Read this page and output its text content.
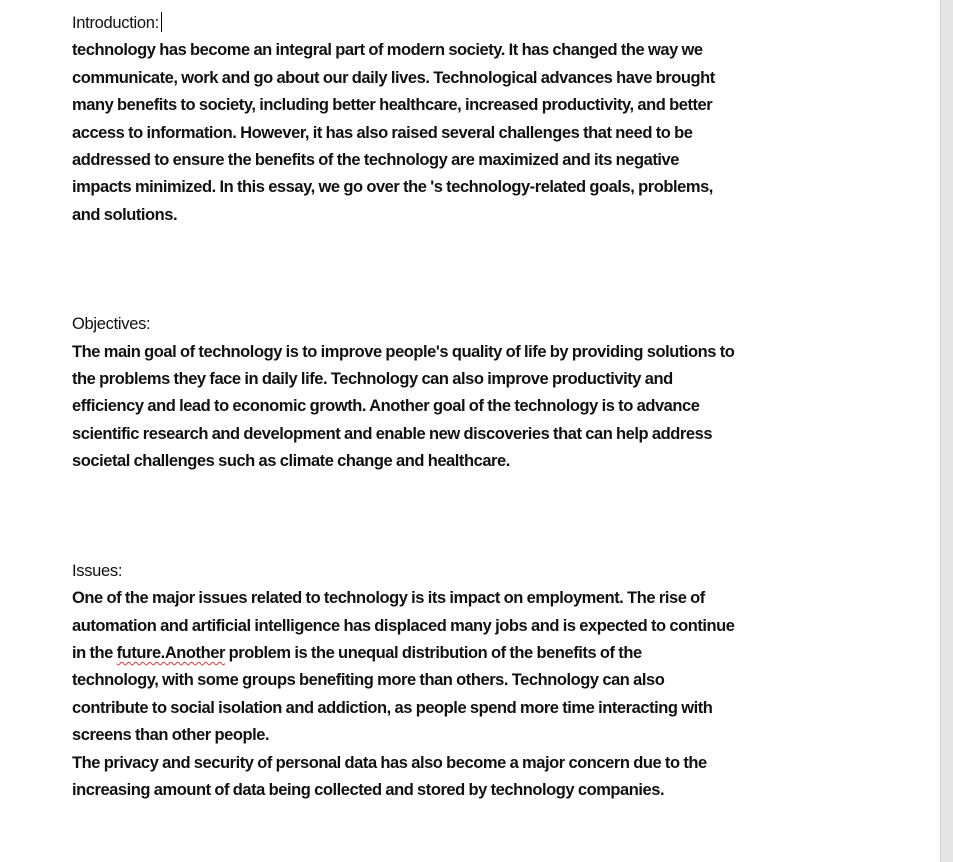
Introduction:
technology has become an integral part of modern society. It has changed the way we
communicate, work and go about our daily lives. Technological advances have brought
many benefits to society, including better healthcare, increased productivity, and better
access to information. However, it has also raised several challenges that need to be
addressed to ensure the benefits of the technology are maximized and its negative
impacts minimized. In this essay, we go over the 's technology-related goals, problems,
and solutions.
Objectives:
The main goal of technology is to improve people's quality of life by providing solutions to
the problems they face in daily life. Technology can also improve productivity and
efficiency and lead to economic growth. Another goal of the technology is to advance
scientific research and development and enable new discoveries that can help address
societal challenges such as climate change and healthcare.
Issues:
One of the major issues related to technology is its impact on employment. The rise of
automation and artificial intelligence has displaced many jobs and is expected to continue
in the future.Another problem is the unequal distribution of the benefits of the
technology, with some groups benefiting more than others. Technology can also
contribute to social isolation and addiction, as people spend more time interacting with
screens than other people.
The privacy and security of personal data has also become a major concern due to the
increasing amount of data being collected and stored by technology companies.
